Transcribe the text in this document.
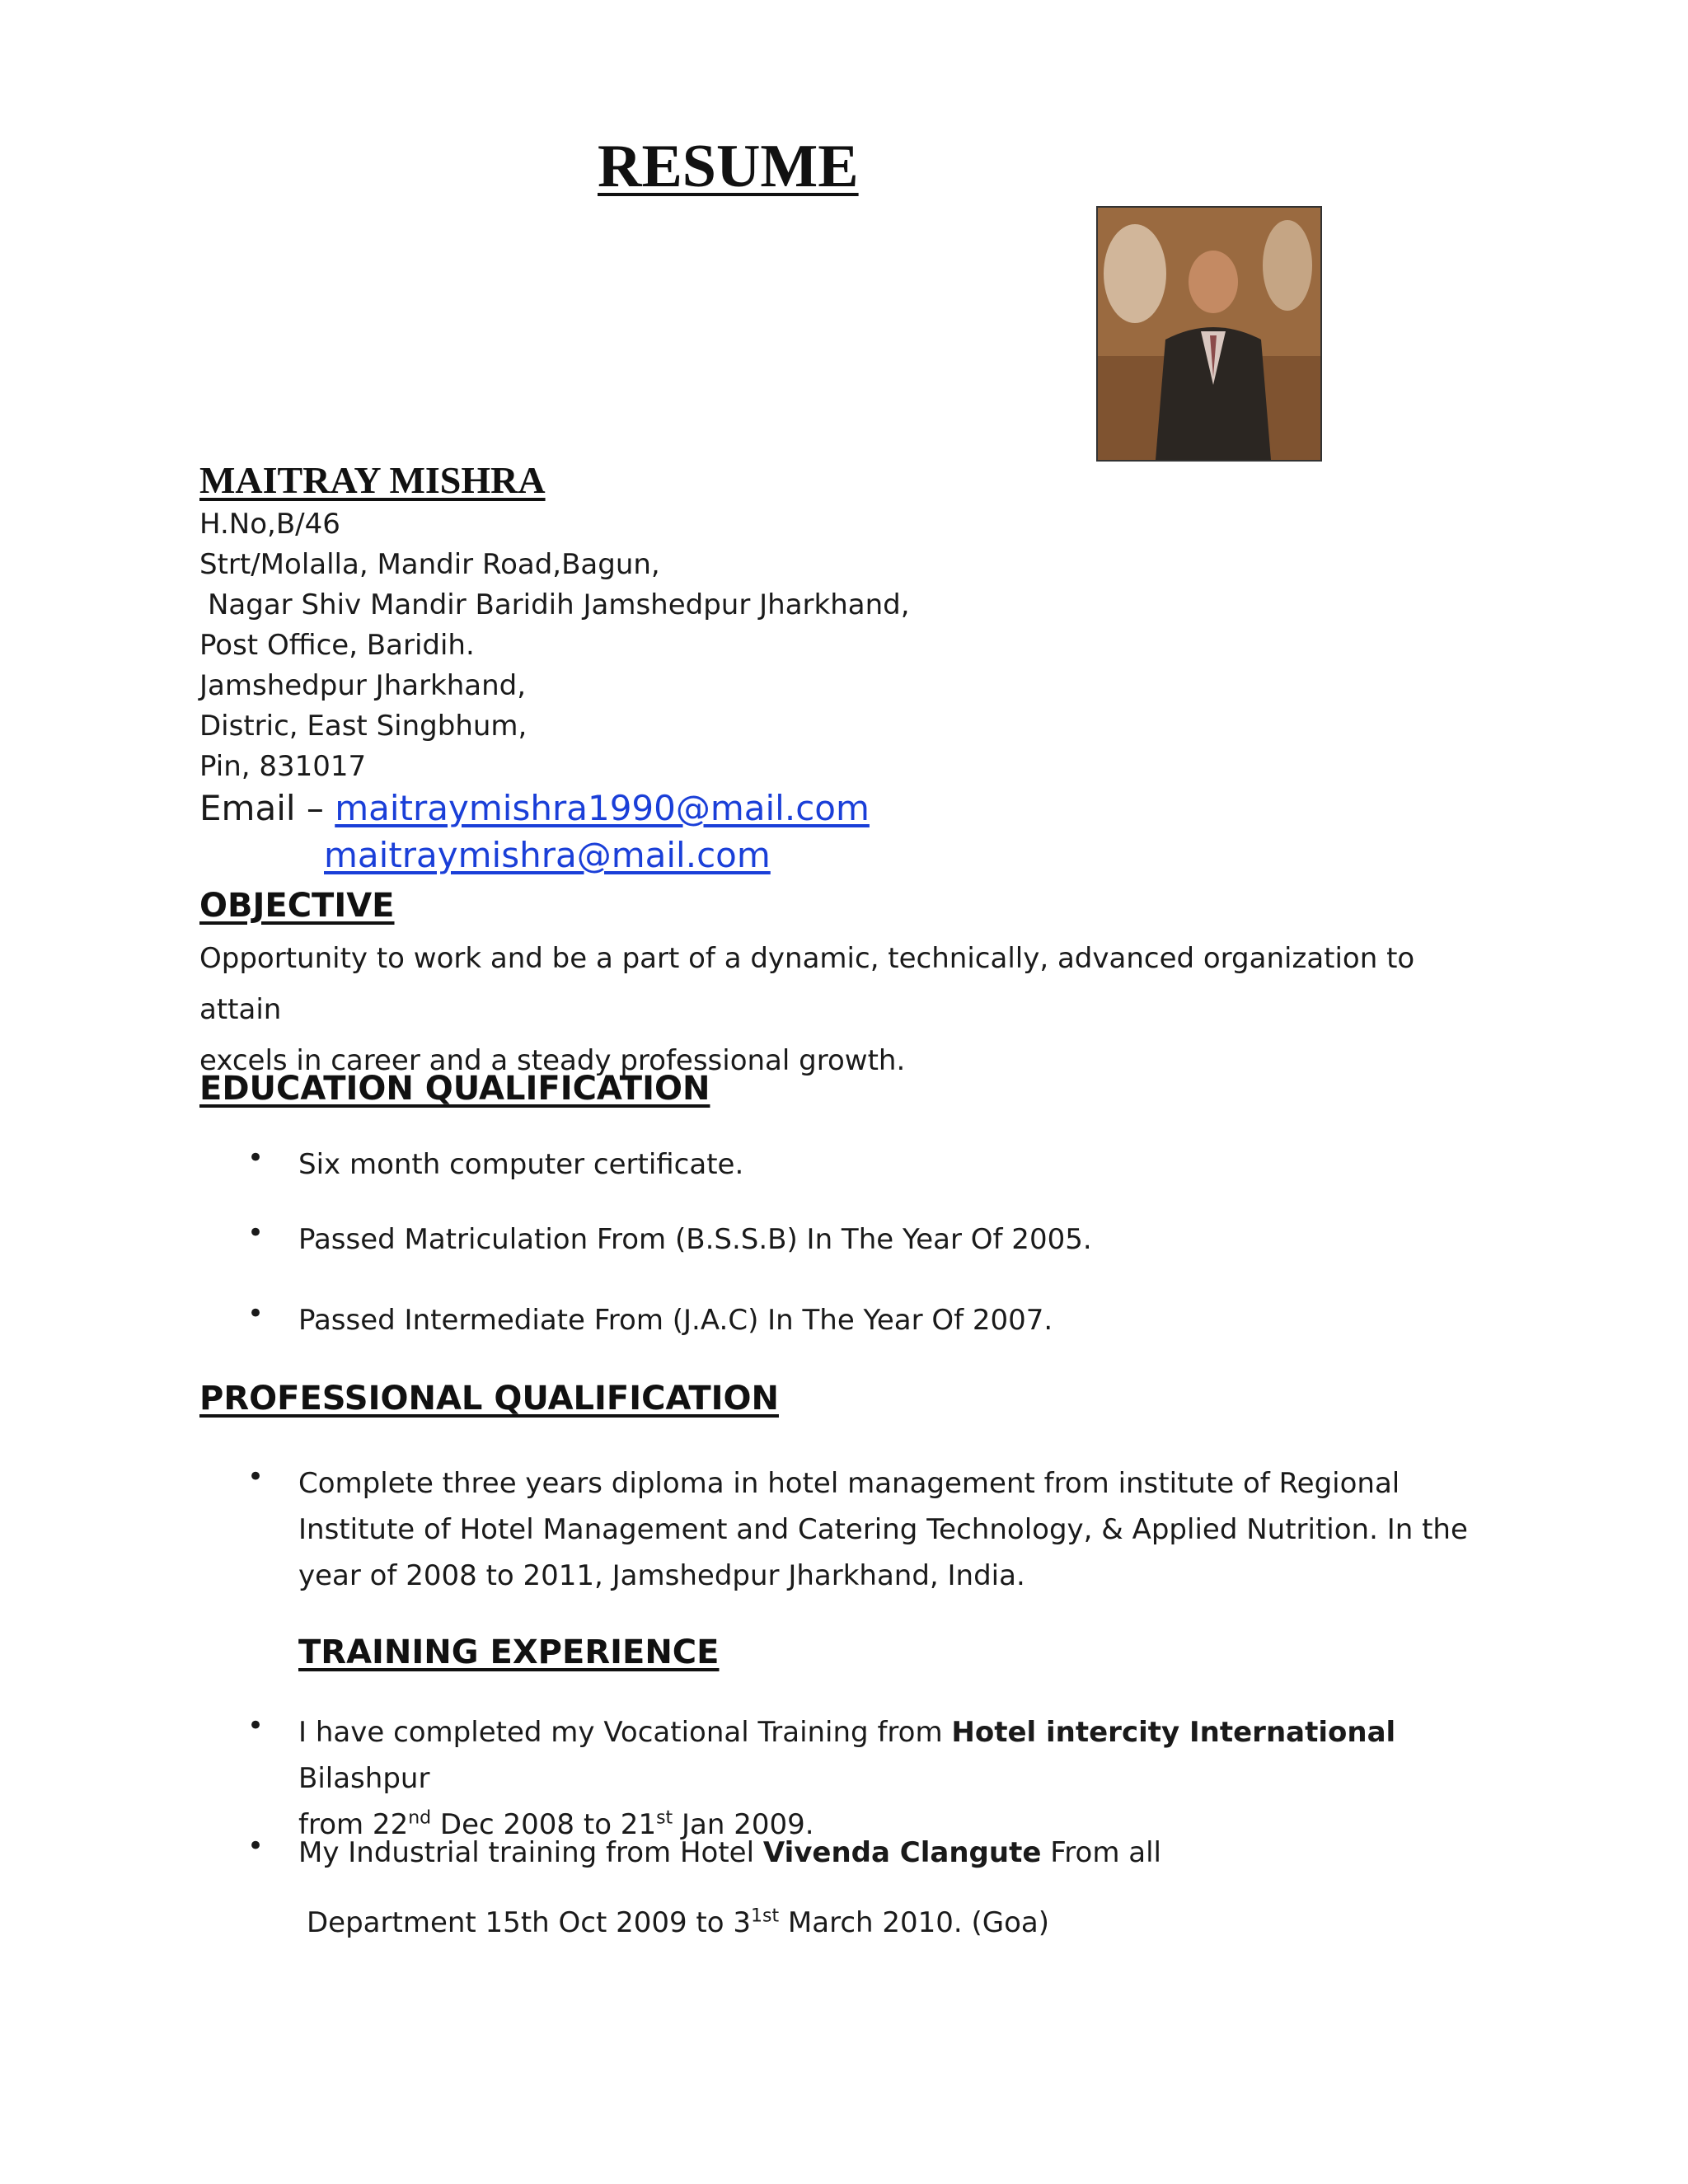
RESUME
MAITRAY MISHRA
H.No,B/46
Strt/Molalla, Mandir Road,Bagun,
Nagar Shiv Mandir Baridih Jamshedpur Jharkhand,
Post Office, Baridih.
Jamshedpur Jharkhand,
Distric, East Singbhum,
Pin, 831017
Email – maitraymishra1990@mail.com
maitraymishra@mail.com
OBJECTIVE
Opportunity to work and be a part of a dynamic, technically, advanced organization to attain
excels in career and a steady professional growth.
EDUCATION QUALIFICATION
•	Six month computer certificate.
•	Passed Matriculation From (B.S.S.B) In The Year Of 2005.
•	Passed Intermediate From (J.A.C) In The Year Of 2007.
PROFESSIONAL QUALIFICATION
•	Complete three years diploma in hotel management from institute of Regional Institute of Hotel Management and Catering Technology, & Applied Nutrition. In the year of 2008 to 2011, Jamshedpur Jharkhand, India.
TRAINING EXPERIENCE
•	I have completed my Vocational Training from Hotel intercity International Bilashpur
from 22nd Dec 2008 to 21st Jan 2009.
•	My Industrial training from Hotel Vivenda Clangute From all
Department 15th Oct 2009 to $3^{1st}$ March 2010. (Goa)
